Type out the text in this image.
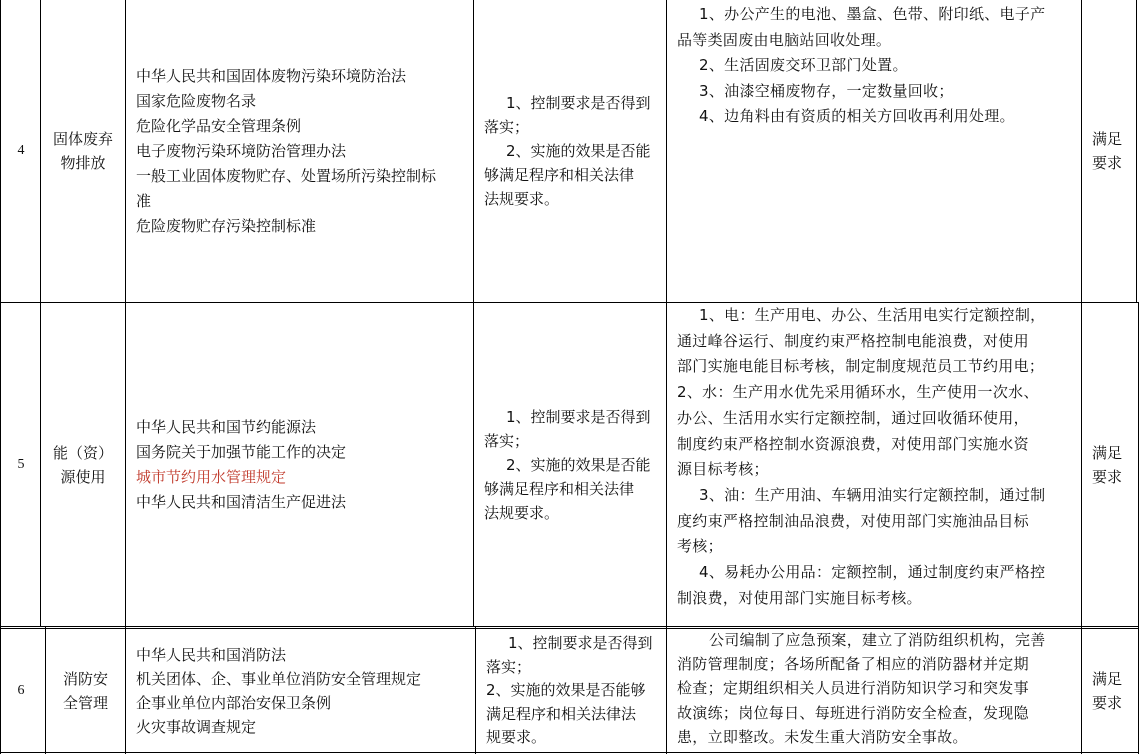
4
固体废弃
物排放
中华人民共和国固体废物污染环境防治法
国家危险废物名录
危险化学品安全管理条例
电子废物污染环境防治管理办法
一般工业固体废物贮存、处置场所污染控制标
准
危险废物贮存污染控制标准
1、控制要求是否得到
落实；
2、实施的效果是否能
够满足程序和相关法律
法规要求。
1、办公产生的电池、墨盒、色带、附印纸、电子产
品等类固废由电脑站回收处理。
2、生活固废交环卫部门处置。
3、油漆空桶废物存，一定数量回收；
4、边角料由有资质的相关方回收再利用处理。
满足
要求
5
能（资）
源使用
中华人民共和国节约能源法
国务院关于加强节能工作的决定
城市节约用水管理规定
中华人民共和国清洁生产促进法
1、控制要求是否得到
落实；
2、实施的效果是否能
够满足程序和相关法律
法规要求。
1、电：生产用电、办公、生活用电实行定额控制，
通过峰谷运行、制度约束严格控制电能浪费，对使用
部门实施电能目标考核，制定制度规范员工节约用电；
2、水：生产用水优先采用循环水，生产使用一次水、
办公、生活用水实行定额控制，通过回收循环使用，
制度约束严格控制水资源浪费，对使用部门实施水资
源目标考核；
3、油：生产用油、车辆用油实行定额控制，通过制
度约束严格控制油品浪费，对使用部门实施油品目标
考核；
4、易耗办公用品：定额控制，通过制度约束严格控
制浪费，对使用部门实施目标考核。
满足
要求
6
消防安
全管理
中华人民共和国消防法
机关团体、企、事业单位消防安全管理规定
企事业单位内部治安保卫条例
火灾事故调查规定
1、控制要求是否得到
落实；
2、实施的效果是否能够
满足程序和相关法律法
规要求。
公司编制了应急预案，建立了消防组织机构，完善
消防管理制度；各场所配备了相应的消防器材并定期
检查；定期组织相关人员进行消防知识学习和突发事
故演练；岗位每日、每班进行消防安全检查，发现隐
患，立即整改。未发生重大消防安全事故。
满足
要求
